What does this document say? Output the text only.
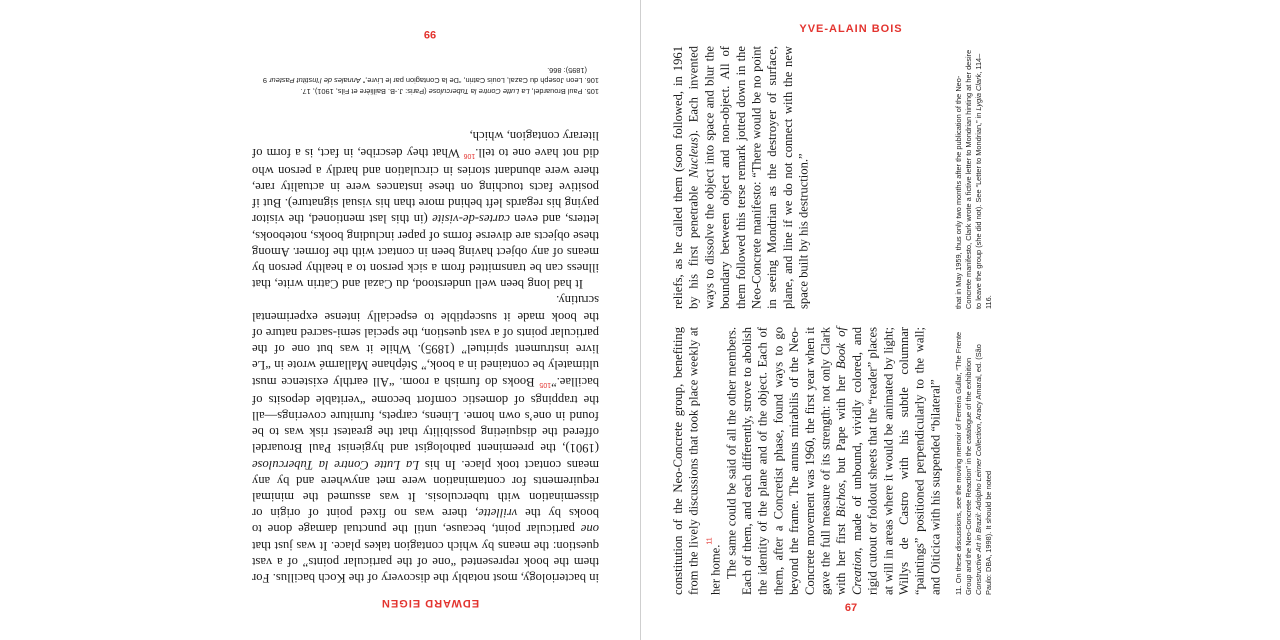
EDWARD EIGEN

in bacteriology, most notably the discovery of the Koch bacillus. For them the book represented “one of the particular points” of a vast question: the means by which contagion takes place. It was just that one particular point, because, until the punctual damage done to books by the vrillette, there was no fixed point of origin or dissemination with tuberculosis. It was assumed the minimal requirements for contamination were met anywhere and by any means contact took place. In his La Lutte Contre la Tuberculose (1901), the preeminent pathologist and hygienist Paul Brouardel offered the disquieting possibility that the greatest risk was to be found in one’s own home. Linens, carpets, furniture coverings—all the trappings of domestic comfort become “veritable deposits of bacillae.”$^{105}$ Books do furnish a room. “All earthly existence must ultimately be contained in a book,” Stéphane Mallarmé wrote in “Le livre instrument spirituel” (1895). While it was but one of the particular points of a vast question, the special semi-sacred nature of the book made it susceptible to especially intense experimental scrutiny.

It had long been well understood, du Cazal and Catrin write, that illness can be transmitted from a sick person to a healthy person by means of any object having been in contact with the former. Among these objects are diverse forms of paper including books, notebooks, letters, and even cartes-de-visite (in this last mentioned, the visitor paying his regards left behind more than his visual signature). But if positive facts touching on these instances were in actuality rare, there were abundant stories in circulation and hardly a person who did not have one to tell.$^{106}$ What they describe, in fact, is a form of literary contagion, which,

105. Paul Brouardel, La Lutte Contre la Tuberculose (Paris: J.-B. Baillière et Fils, 1901), 17.

106. Leon Joseph du Cazal, Louis Catrin, “De la Contagion par le Livre,” Annales de l’Institut Pasteur 9 (1895): 866.

99	YVE-ALAIN BOIS

constitution of the Neo-Concrete group, benefiting from the lively discussions that took place weekly at her home.$^{11}$ The same could be said of all the other members. Each of them, and each differently, strove to abolish the identity of the plane and of the object. Each of them, after a Concretist phase, found ways to go beyond the frame. The annus mirabilis of the Neo-Concrete movement was 1960, the first year when it gave the full measure of its strength: not only Clark with her first Bichos, but Pape with her Book of Creation, made of unbound, vividly colored, and rigid cutout or foldout sheets that the “reader” places at will in areas where it would be animated by light; Willys de Castro with his subtle columnar “paintings” positioned perpendicularly to the wall; and Oiticica with his suspended “bilateral”

reliefs, as he called them (soon followed, in 1961 by his first penetrable Nucleus). Each invented ways to dissolve the object into space and blur the boundary between object and non-object. All of them followed this terse remark jotted down in the Neo-Concrete manifesto: “There would be no point in seeing Mondrian as the destroyer of surface, plane, and line if we do not connect with the new space built by his destruction.”

11. On these discussions, see the moving memoir of Ferreira Gullar, “The Frente Group and the Neo-Concrete Reaction” in the catalogue of the exhibition Constructive Art in Brazil: Adolpho Leirner Collection, Aracy Amaral, ed. (São Paulo: DBA, 1998). It should be noted

that in May 1959, thus only two months after the publication of the Neo-Concrete manifesto, Clark wrote a fictive letter to Mondrian hinting at her desire to leave the group (she did not). See “Letter to Mondrian,” in Lygia Clark, 114–116.

67
